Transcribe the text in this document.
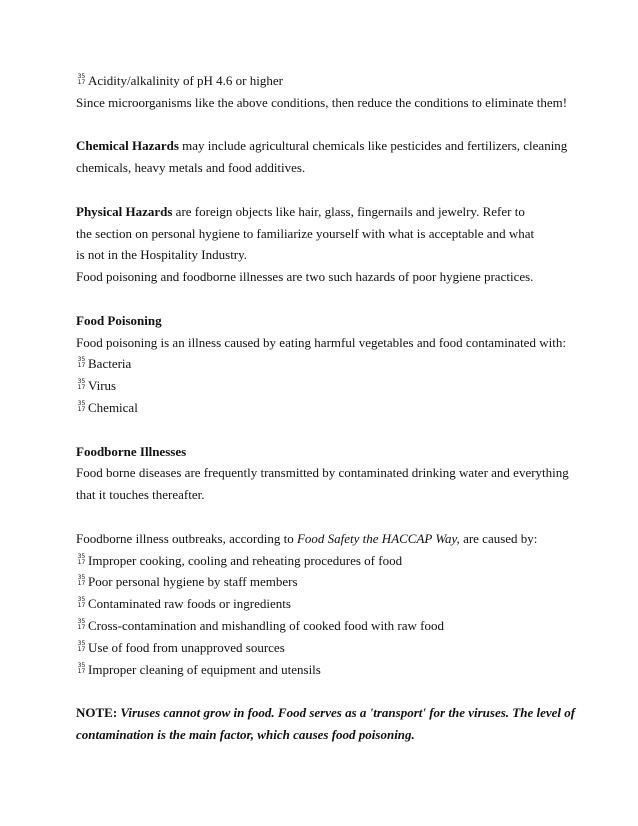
35
17 Acidity/alkalinity of pH 4.6 or higher
Since microorganisms like the above conditions, then reduce the conditions to eliminate them!
Chemical Hazards may include agricultural chemicals like pesticides and fertilizers, cleaning
chemicals, heavy metals and food additives.
Physical Hazards are foreign objects like hair, glass, fingernails and jewelry. Refer to
the section on personal hygiene to familiarize yourself with what is acceptable and what
is not in the Hospitality Industry.
Food poisoning and foodborne illnesses are two such hazards of poor hygiene practices.
Food Poisoning
Food poisoning is an illness caused by eating harmful vegetables and food contaminated with:
35
17 Bacteria
35
17 Virus
35
17 Chemical
Foodborne Illnesses
Food borne diseases are frequently transmitted by contaminated drinking water and everything
that it touches thereafter.
Foodborne illness outbreaks, according to Food Safety the HACCAP Way, are caused by:
35
17 Improper cooking, cooling and reheating procedures of food
35
17 Poor personal hygiene by staff members
35
17 Contaminated raw foods or ingredients
35
17 Cross-contamination and mishandling of cooked food with raw food
35
17 Use of food from unapproved sources
35
17 Improper cleaning of equipment and utensils
NOTE: Viruses cannot grow in food. Food serves as a 'transport' for the viruses. The level of
contamination is the main factor, which causes food poisoning.
